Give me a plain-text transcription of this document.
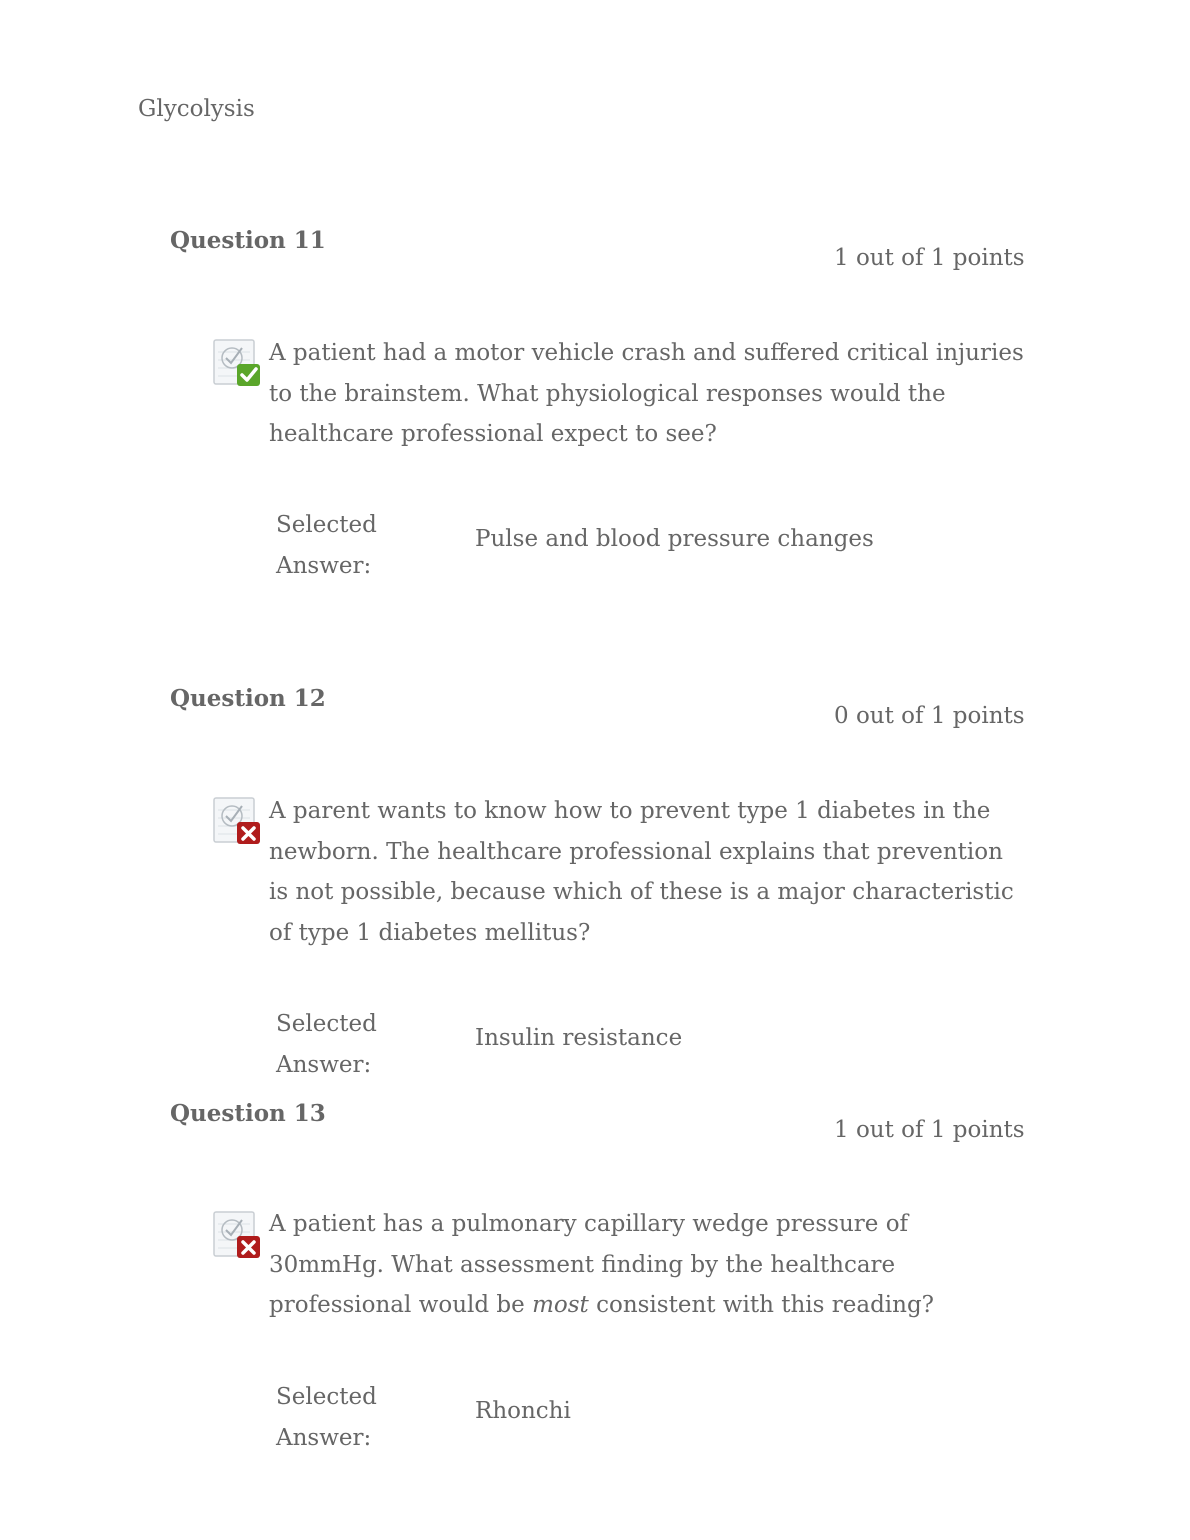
Glycolysis
Question 11
1 out of 1 points
A patient had a motor vehicle crash and suffered critical injuries to the brainstem. What physiological responses would the healthcare professional expect to see?
Selected
Answer:
Pulse and blood pressure changes
Question 12
0 out of 1 points
A parent wants to know how to prevent type 1 diabetes in the newborn. The healthcare professional explains that prevention is not possible, because which of these is a major characteristic of type 1 diabetes mellitus?
Selected
Answer:
Insulin resistance
Question 13
1 out of 1 points
A patient has a pulmonary capillary wedge pressure of 30mmHg. What assessment finding by the healthcare professional would be most consistent with this reading?
Selected
Answer:
Rhonchi
